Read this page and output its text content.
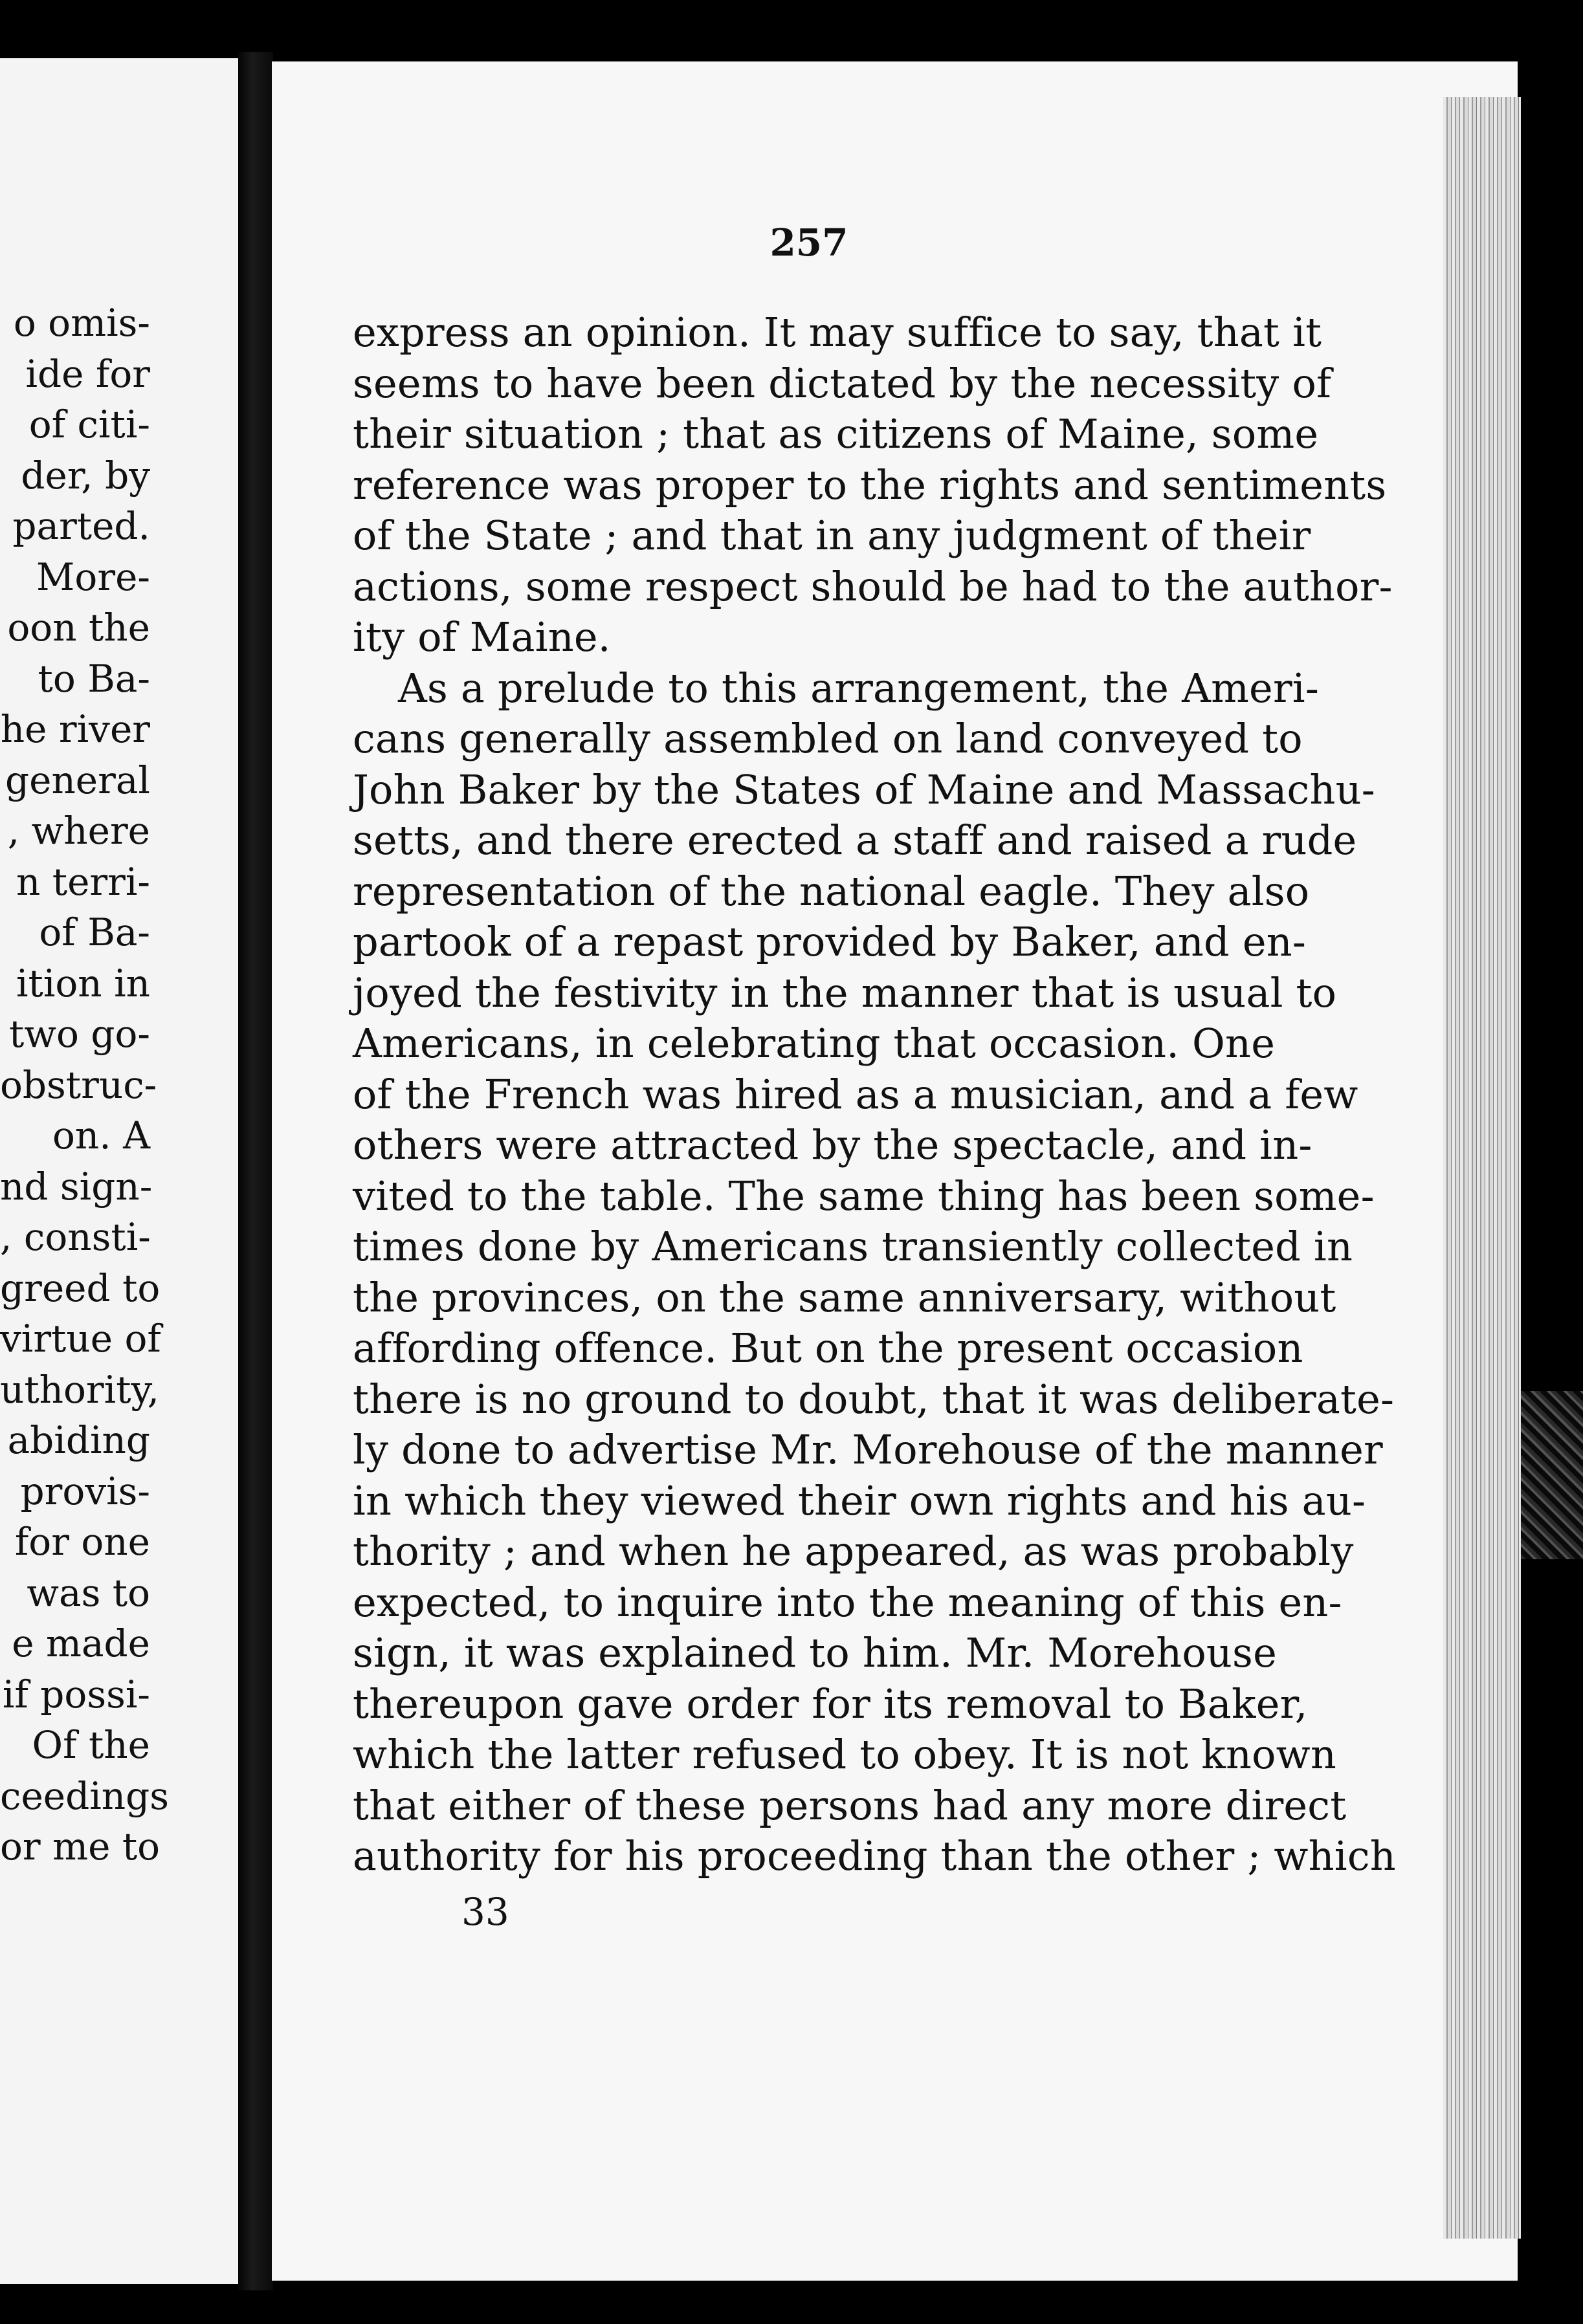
o omis-
ide for
of citi-
der, by
parted.
More-
oon the
to Ba-
he river
general
, where
n terri-
of Ba-
ition in
two go-
obstruc-
on. A
nd sign-
, consti-
greed to
virtue of
uthority,
abiding
provis-
for one
was to
e made
if possi-
Of the
ceedings
or me to
257
express an opinion. It may suffice to say, that it
seems to have been dictated by the necessity of
their situation ; that as citizens of Maine, some
reference was proper to the rights and sentiments
of the State ; and that in any judgment of their
actions, some respect should be had to the author-
ity of Maine.
As a prelude to this arrangement, the Ameri-
cans generally assembled on land conveyed to
John Baker by the States of Maine and Massachu-
setts, and there erected a staff and raised a rude
representation of the national eagle. They also
partook of a repast provided by Baker, and en-
joyed the festivity in the manner that is usual to
Americans, in celebrating that occasion. One
of the French was hired as a musician, and a few
others were attracted by the spectacle, and in-
vited to the table. The same thing has been some-
times done by Americans transiently collected in
the provinces, on the same anniversary, without
affording offence. But on the present occasion
there is no ground to doubt, that it was deliberate-
ly done to advertise Mr. Morehouse of the manner
in which they viewed their own rights and his au-
thority ; and when he appeared, as was probably
expected, to inquire into the meaning of this en-
sign, it was explained to him. Mr. Morehouse
thereupon gave order for its removal to Baker,
which the latter refused to obey. It is not known
that either of these persons had any more direct
authority for his proceeding than the other ; which
33
